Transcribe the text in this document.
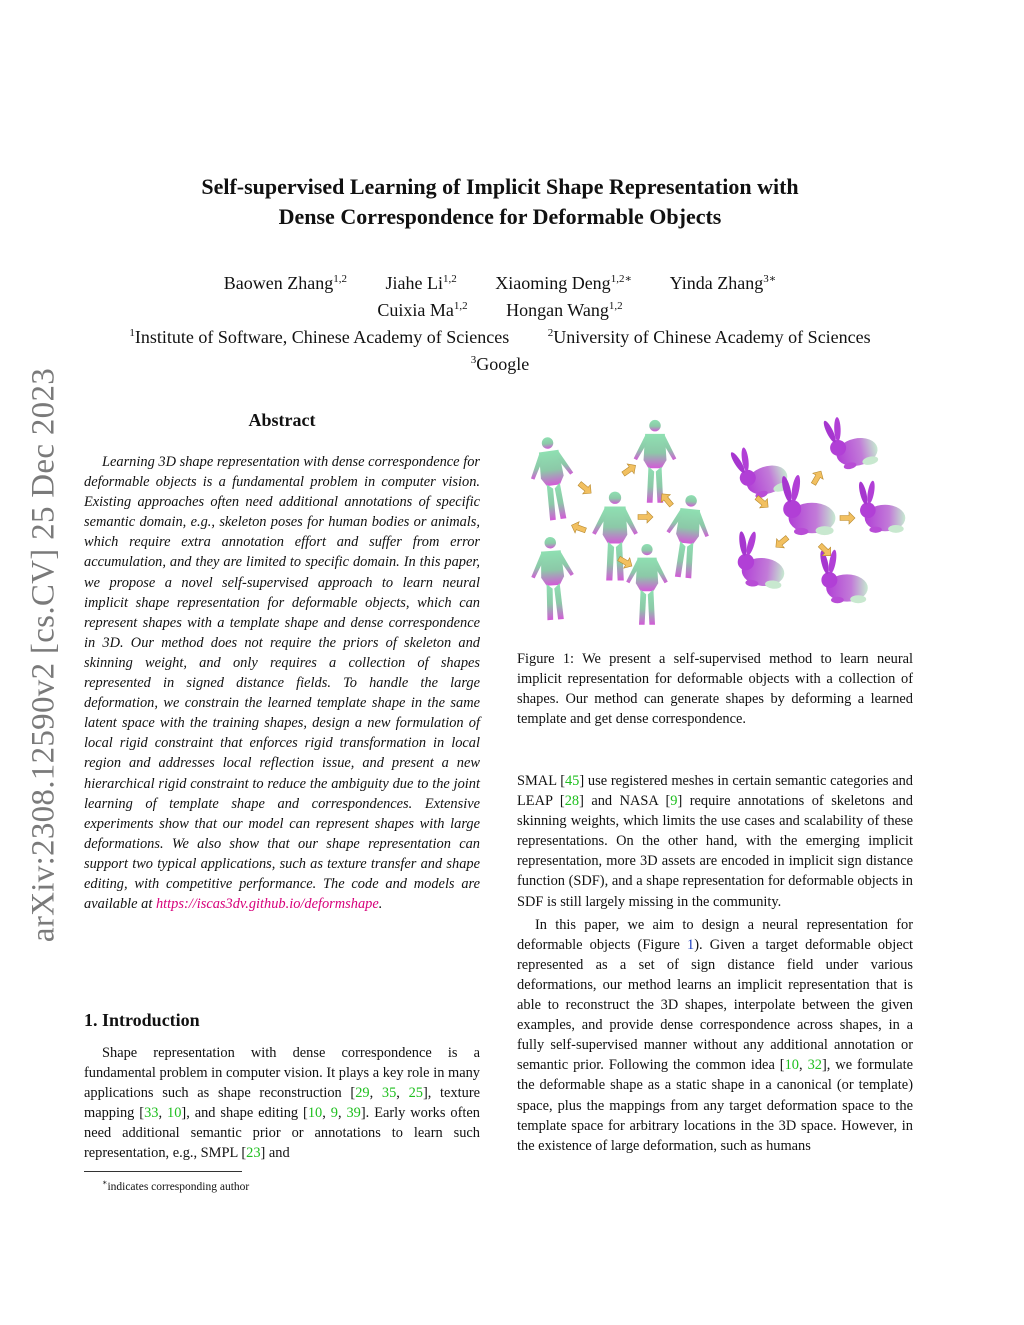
arXiv:2308.12590v2 [cs.CV] 25 Dec 2023
Self-supervised Learning of Implicit Shape Representation with
Dense Correspondence for Deformable Objects
Baowen Zhang$^{1,2}$ Jiahe Li$^{1,2}$ Xiaoming Deng$^{1,2∗}$ Yinda Zhang$^{3∗}$
Cuixia Ma$^{1,2}$ Hongan Wang$^{1,2}$
$^1$Institute of Software, Chinese Academy of Sciences	$^2$University of Chinese Academy of Sciences
$^3$Google
Abstract
Learning 3D shape representation with dense correspondence for deformable objects is a fundamental problem in computer vision. Existing approaches often need additional annotations of specific semantic domain, e.g., skeleton poses for human bodies or animals, which require extra annotation effort and suffer from error accumulation, and they are limited to specific domain. In this paper, we propose a novel self-supervised approach to learn neural implicit shape representation for deformable objects, which can represent shapes with a template shape and dense correspondence in 3D. Our method does not require the priors of skeleton and skinning weight, and only requires a collection of shapes represented in signed distance fields. To handle the large deformation, we constrain the learned template shape in the same latent space with the training shapes, design a new formulation of local rigid constraint that enforces rigid transformation in local region and addresses local reflection issue, and present a new hierarchical rigid constraint to reduce the ambiguity due to the joint learning of template shape and correspondences. Extensive experiments show that our model can represent shapes with large deformations. We also show that our shape representation can support two typical applications, such as texture transfer and shape editing, with competitive performance. The code and models are available at https://iscas3dv.github.io/deformshape.
1. Introduction
Shape representation with dense correspondence is a fundamental problem in computer vision. It plays a key role in many applications such as shape reconstruction [29, 35, 25], texture mapping [33, 10], and shape editing [10, 9, 39]. Early works often need additional semantic prior or annotations to learn such representation, e.g., SMPL [23] and
∗indicates corresponding author
Figure 1: We present a self-supervised method to learn neural implicit representation for deformable objects with a collection of shapes. Our method can generate shapes by deforming a learned template and get dense correspondence.

SMAL [45] use registered meshes in certain semantic categories and LEAP [28] and NASA [9] require annotations of skeletons and skinning weights, which limits the use cases and scalability of these representations. On the other hand, with the emerging implicit representation, more 3D assets are encoded in implicit sign distance function (SDF), and a shape representation for deformable objects in SDF is still largely missing in the community.

In this paper, we aim to design a neural representation for deformable objects (Figure 1). Given a target deformable object represented as a set of sign distance field under various deformations, our method learns an implicit representation that is able to reconstruct the 3D shapes, interpolate between the given examples, and provide dense correspondence across shapes, in a fully self-supervised manner without any additional annotation or semantic prior. Following the common idea [10, 32], we formulate the deformable shape as a static shape in a canonical (or template) space, plus the mappings from any target deformation space to the template space for arbitrary locations in the 3D space. However, in the existence of large deformation, such as humans
